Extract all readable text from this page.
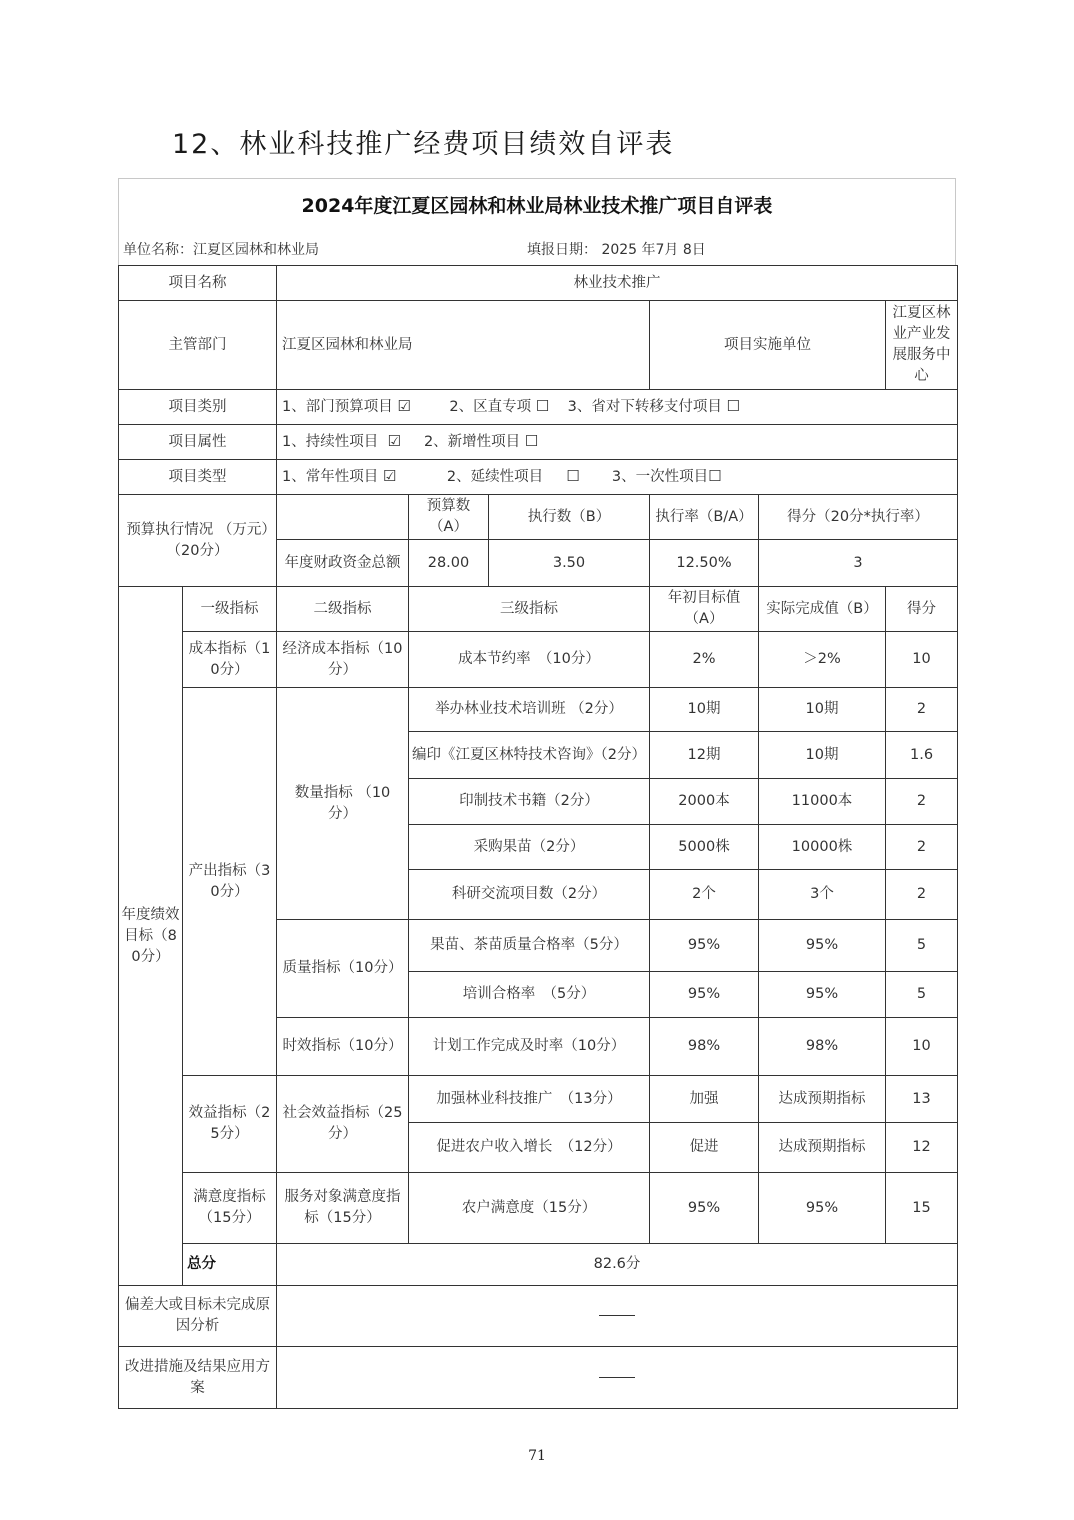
12、林业科技推广经费项目绩效自评表
2024年度江夏区园林和林业局林业技术推广项目自评表
单位名称：江夏区园林和林业局	填报日期： 2025 年7月 8日
项目名称		林业技术推广					
主管部门		江夏区园林和林业局			项目实施单位		江夏区林业产业发展服务中心
项目类别		1、部门预算项目 ☑ 2、区直专项 ☐ 3、省对下转移支付项目 ☐					
项目属性		1、持续性项目 ☑ 2、新增性项目 ☐					
项目类型		1、常年性项目 ☑ 2、延续性项目 ☐ 3、一次性项目☐					
预算执行情况 （万元）（20分）			预算数（A）	执行数（B）	执行率（B/A）	得分（20分*执行率）	
		年度财政资金总额	28.00	3.50	12.50%	3	
年度绩效目标（80分）	一级指标	二级指标	三级指标		年初目标值（A）	实际完成值（B）	得分
	成本指标（10分）	经济成本指标（10分）	成本节约率　（10分）		2%	＞2%	10
	产出指标（30分）	数量指标 （10分）	举办林业技术培训班 （2分）		10期	10期	2
			编印《江夏区林特技术咨询》（2分）		12期	10期	1.6
			印制技术书籍（2分）		2000本	11000本	2
			采购果苗（2分）		5000株	10000株	2
			科研交流项目数（2分）		2个	3个	2
		质量指标（10分）	果苗、茶苗质量合格率（5分）		95%	95%	5
			培训合格率　（5分）		95%	95%	5
		时效指标（10分）	计划工作完成及时率（10分）		98%	98%	10
	效益指标（25分）	社会效益指标（25分）	加强林业科技推广　（13分）		加强	达成预期指标	13
			促进农户收入增长　（12分）		促进	达成预期指标	12
	满意度指标（15分）	服务对象满意度指标（15分）	农户满意度（15分）		95%	95%	15
	总分	82.6分					
偏差大或目标未完成原因分析							
改进措施及结果应用方案							
71
